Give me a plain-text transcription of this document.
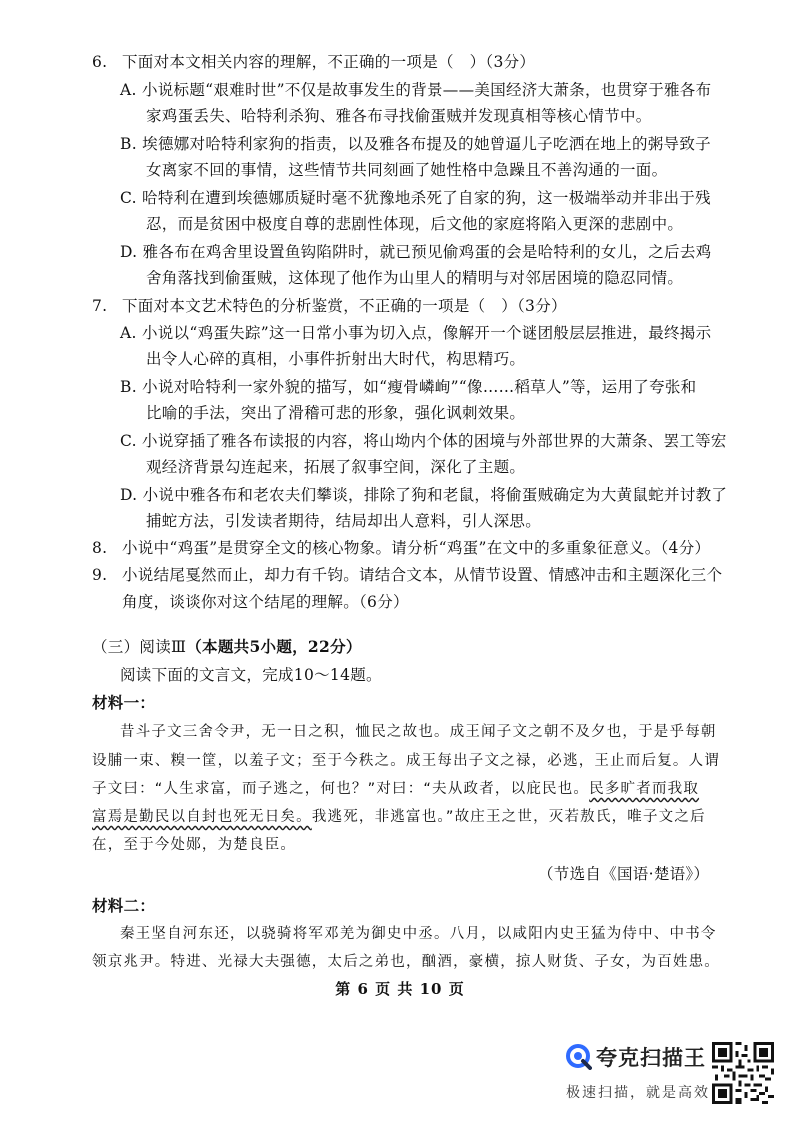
6. 下面对本文相关内容的理解，不正确的一项是（　）（3分）
A. 小说标题“艰难时世”不仅是故事发生的背景——美国经济大萧条，也贯穿于雅各布
家鸡蛋丢失、哈特利杀狗、雅各布寻找偷蛋贼并发现真相等核心情节中。
B. 埃德娜对哈特利家狗的指责，以及雅各布提及的她曾逼儿子吃洒在地上的粥导致子
女离家不回的事情，这些情节共同刻画了她性格中急躁且不善沟通的一面。
C. 哈特利在遭到埃德娜质疑时毫不犹豫地杀死了自家的狗，这一极端举动并非出于残
忍，而是贫困中极度自尊的悲剧性体现，后文他的家庭将陷入更深的悲剧中。
D. 雅各布在鸡舍里设置鱼钩陷阱时，就已预见偷鸡蛋的会是哈特利的女儿，之后去鸡
舍角落找到偷蛋贼，这体现了他作为山里人的精明与对邻居困境的隐忍同情。
7. 下面对本文艺术特色的分析鉴赏，不正确的一项是（　）（3分）
A. 小说以“鸡蛋失踪”这一日常小事为切入点，像解开一个谜团般层层推进，最终揭示
出令人心碎的真相，小事件折射出大时代，构思精巧。
B. 小说对哈特利一家外貌的描写，如“瘦骨嶙峋”“像……稻草人”等，运用了夸张和
比喻的手法，突出了滑稽可悲的形象，强化讽刺效果。
C. 小说穿插了雅各布读报的内容，将山坳内个体的困境与外部世界的大萧条、罢工等宏
观经济背景勾连起来，拓展了叙事空间，深化了主题。
D. 小说中雅各布和老农夫们攀谈，排除了狗和老鼠，将偷蛋贼确定为大黄鼠蛇并讨教了
捕蛇方法，引发读者期待，结局却出人意料，引人深思。
8. 小说中“鸡蛋”是贯穿全文的核心物象。请分析“鸡蛋”在文中的多重象征意义。（4分）
9. 小说结尾戛然而止，却力有千钧。请结合文本，从情节设置、情感冲击和主题深化三个
角度，谈谈你对这个结尾的理解。（6分）
（三）阅读Ⅲ（本题共5小题，22分）
阅读下面的文言文，完成10～14题。
材料一：
昔斗子文三舍令尹，无一日之积，恤民之故也。成王闻子文之朝不及夕也，于是乎每朝
设脯一束、糗一筐，以羞子文；至于今秩之。成王每出子文之禄，必逃，王止而后复。人谓
子文曰：“人生求富，而子逃之，何也？”对曰：“夫从政者，以庇民也。民多旷者而我取
富焉是勤民以自封也死无日矣。我逃死，非逃富也。”故庄王之世，灭若敖氏，唯子文之后
在，至于今处郧，为楚良臣。
（节选自《国语·楚语》）
材料二：
秦王坚自河东还，以骁骑将军邓羌为御史中丞。八月，以咸阳内史王猛为侍中、中书令
领京兆尹。特进、光禄大夫强德，太后之弟也，酗酒，豪横，掠人财货、子女，为百姓患。
第 6 页 共 10 页
夸克扫描王
极速扫描，就是高效
